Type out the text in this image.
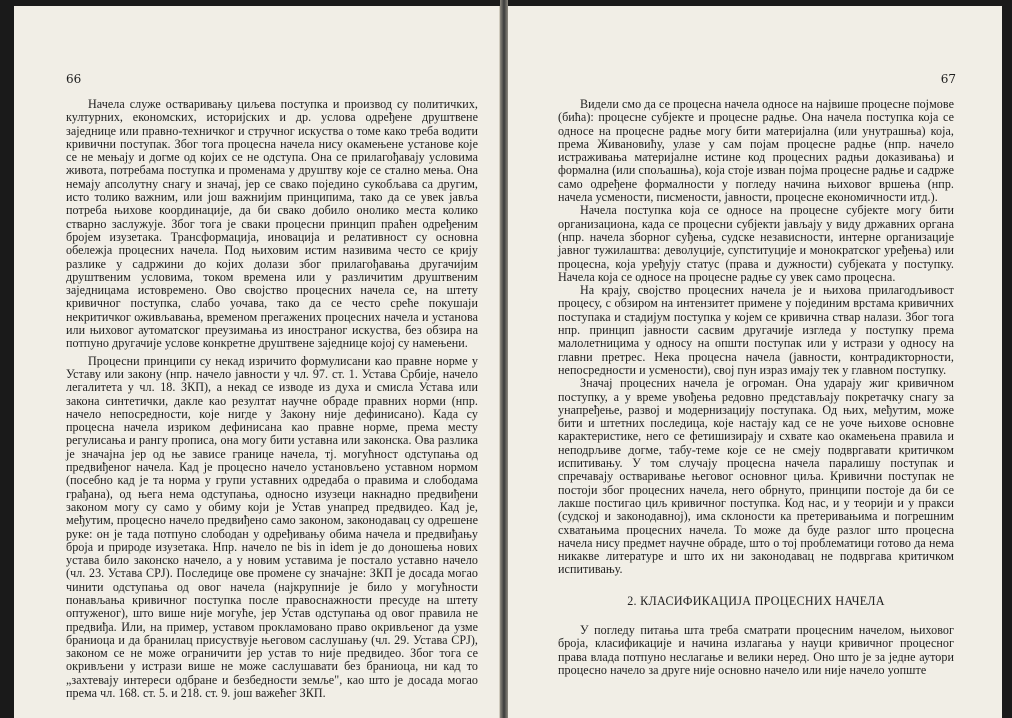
66

Начела служе остваривању циљева поступка и производ су политичких, културних, економских, историјских и др. услова одређене друштвене заједнице или правно-техничког и стручног искуства о томе како треба водити кривични поступак. Због тога процесна начела нису окамењене установе које се не мењају и догме од којих се не одступа. Она се прилагођавају условима живота, потребама поступка и променама у друштву које се стално мења. Она немају апсолутну снагу и значај, јер се свако поједино сукобљава са другим, исто толико важним, или још важнијим принципима, тако да се увек јавља потреба њихове координације, да би свако добило онолико места колико стварно заслужује. Због тога је сваки процесни принцип праћен одређеним бројем изузетака. Трансформација, иновација и релативност су основна обележја процесних начела. Под њиховим истим називима често се крију разлике у садржини до којих долази због прилагођавања другачијим друштвеним условима, током времена или у различитим друштвеним заједницама истовремено. Ово својство процесних начела се, на штету кривичног поступка, слабо уочава, тако да се често среће покушаји некритичког оживљавања, временом прегажених процесних начела и установа или њиховог аутоматског преузимања из иностраног искуства, без обзира на потпуно другачије услове конкретне друштвене заједнице којој су намењени.

Процесни принципи су некад изричито формулисани као правне норме у Уставу или закону (нпр. начело јавности у чл. 97. ст. 1. Устава Србије, начело легалитета у чл. 18. ЗКП), а некад се изводе из духа и смисла Устава или закона синтетички, дакле као резултат научне обраде правних норми (нпр. начело непосредности, које нигде у Закону није дефинисано). Када су процесна начела изриком дефинисана као правне норме, према месту регулисања и рангу прописа, она могу бити уставна или законска. Ова разлика је значајна јер од ње зависе границе начела, тј. могућност одступања од предвиђеног начела. Кад је процесно начело установљено уставном нормом (посебно кад је та норма у групи уставних одредаба о правима и слободама грађана), од њега нема одступања, односно изузеци накнадно предвиђени законом могу су само у обиму који је Устав унапред предвидео. Кад је, међутим, процесно начело предвиђено само законом, законодавац су одрешене руке: он је тада потпуно слободан у одређивању обима начела и предвиђању броја и природе изузетака. Нпр. начело ne bis in idem је до доношења нових устава било законско начело, а у новим уставима је постало уставно начело (чл. 23. Устава СРЈ). Последице ове промене су значајне: ЗКП је досада могао чинити одступања од овог начела (најкрупније је било у могућности понављања кривичног поступка после правоснажности пресуде на штету оптуженог), што више није могуће, јер Устав одступања од овог правила не предвиђа. Или, на пример, уставом прокламовано право окривљеног да узме браниоца и да бранилац присуствује његовом саслушању (чл. 29. Устава СРЈ), законом се не може ограничити јер устав то није предвидео. Због тога се окривљени у истрази више не може саслушавати без браниоца, ни кад то „захтевају интереси одбране и безбедности земље", као што је досада могао према чл. 168. ст. 5. и 218. ст. 9. још важећег ЗКП.

67

Видели смо да се процесна начела односе на највише процесне појмове (бића): процесне субјекте и процесне радње. Она начела поступка која се односе на процесне радње могу бити материјална (или унутрашња) која, према Живановићу, улазе у сам појам процесне радње (нпр. начело истраживања материјалне истине код процесних радњи доказивања) и формална (или спољашња), која стоје изван појма процесне радње и садрже само одређене формалности у погледу начина њиховог вршења (нпр. начела усмености, писмености, јавности, процесне економичности итд.).

Начела поступка која се односе на процесне субјекте могу бити организациона, када се процесни субјекти јављају у виду државних органа (нпр. начела зборног суђења, судске независности, интерне организације јавног тужилаштва: деволуције, супституције и монократског уређења) или процесна, која уређују статус (права и дужности) субјеката у поступку. Начела која се односе на процесне радње су увек само процесна.

На крају, својство процесних начела је и њихова прилагодљивост процесу, с обзиром на интензитет примене у појединим врстама кривичних поступака и стадијум поступка у којем се кривична ствар налази. Због тога нпр. принцип јавности сасвим другачије изгледа у поступку према малолетницима у односу на општи поступак или у истрази у односу на главни претрес. Нека процесна начела (јавности, контрадикторности, непосредности и усмености), свој пун израз имају тек у главном поступку.

Значај процесних начела је огроман. Она ударају жиг кривичном поступку, а у време увођења редовно представљају покретачку снагу за унапређење, развој и модернизацију поступака. Од њих, међутим, може бити и штетних последица, које настају кад се не уоче њихове основне карактеристике, него се фетишизирају и схвате као окамењена правила и неподрљиве догме, табу-теме које се не смеју подвргавати критичком испитивању. У том случају процесна начела паралишу поступак и спречавају остваривање његовог основног циља. Кривични поступак не постоји због процесних начела, него обрнуто, принципи постоје да би се лакше постигао циљ кривичног поступка. Код нас, и у теорији и у пракси (судској и законодавној), има склоности ка претеривањима и погрешним схватањима процесних начела. То може да буде разлог што процесна начела нису предмет научне обраде, што о тој проблематици готово да нема никакве литературе и што их ни законодавац не подвргава критичком испитивању.

2. КЛАСИФИКАЦИЈА ПРОЦЕСНИХ НАЧЕЛА

У погледу питања шта треба сматрати процесним начелом, њиховог броја, класификације и начина излагања у науци кривичног процесног права влада потпуно неслагање и велики неред. Оно што је за једне аутори процесно начело за друге није основно начело или није начело уопште
